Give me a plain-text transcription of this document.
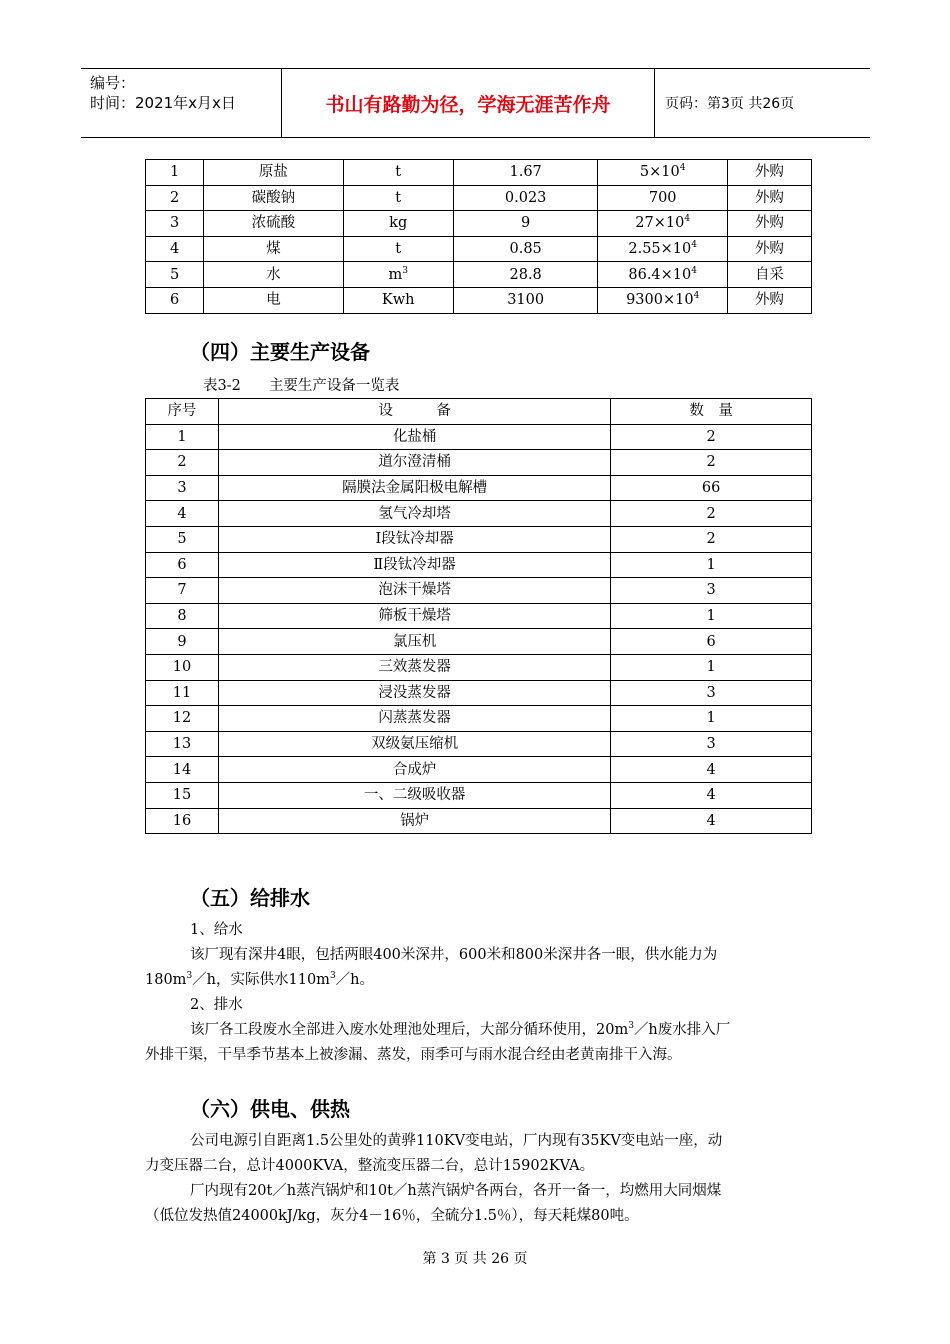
编号：
时间：2021年x月x日	书山有路勤为径，学海无涯苦作舟	页码：第3页 共26页
1	原盐	t	1.67	$5\times 10^4$	外购
2	碳酸钠	t	0.023	700	外购
3	浓硫酸	kg	9	$27\times 10^4$	外购
4	煤	t	0.85	$2.55\times 10^4$	外购
5	水	$m^3$	28.8	$86.4\times 10^4$	自采
6	电	Kwh	3100	$9300\times 10^4$	外购
（四）主要生产设备
表3-2 主要生产设备一览表
序号	设　　　备	数　量
1	化盐桶	2
2	道尔澄清桶	2
3	隔膜法金属阳极电解槽	66
4	氢气冷却塔	2
5	Ⅰ段钛冷却器	2
6	Ⅱ段钛冷却器	1
7	泡沫干燥塔	3
8	筛板干燥塔	1
9	氯压机	6
10	三效蒸发器	1
11	浸没蒸发器	3
12	闪蒸蒸发器	1
13	双级氨压缩机	3
14	合成炉	4
15	一、二级吸收器	4
16	锅炉	4
（五）给排水
1、给水
该厂现有深井4眼，包括两眼400米深井，600米和800米深井各一眼，供水能力为
$180m^3/h$，实际供水$110m^3/h$。
2、排水
该厂各工段废水全部进入废水处理池处理后，大部分循环使用，$20m^3/h$废水排入厂
外排干渠，干旱季节基本上被渗漏、蒸发，雨季可与雨水混合经由老黄南排干入海。
（六）供电、供热
公司电源引自距离1.5公里处的黄骅110KV变电站，厂内现有35KV变电站一座，动
力变压器二台，总计4000KVA，整流变压器二台，总计15902KVA。
厂内现有20t／h蒸汽锅炉和10t／h蒸汽锅炉各两台，各开一备一，均燃用大同烟煤
（低位发热值24000kJ/kg，灰分4－16％，全硫分1.5％），每天耗煤80吨。
第 3 页 共 26 页
